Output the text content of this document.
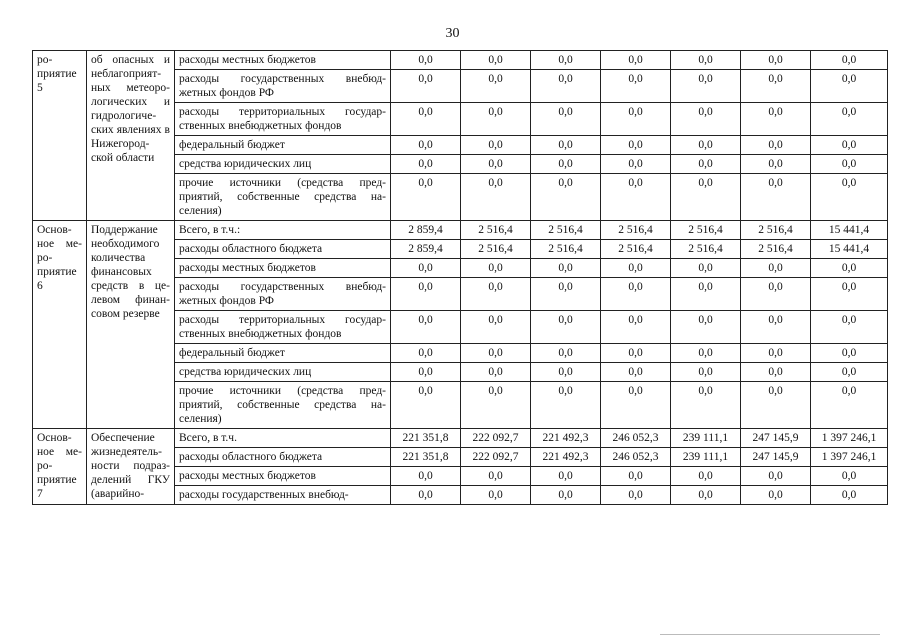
30
ро-приятие 5	об опасных и неблагоприят-ных метеоро-логических и гидрологиче-ских явлениях в Нижегород-ской области	расходы местных бюджетов	0,0	0,0	0,0	0,0	0,0	0,0	0,0
		расходы государственных внебюд-жетных фондов РФ	0,0	0,0	0,0	0,0	0,0	0,0	0,0
		расходы территориальных государ-ственных внебюджетных фондов	0,0	0,0	0,0	0,0	0,0	0,0	0,0
		федеральный бюджет	0,0	0,0	0,0	0,0	0,0	0,0	0,0
		средства юридических лиц	0,0	0,0	0,0	0,0	0,0	0,0	0,0
		прочие источники (средства пред-приятий, собственные средства на-селения)	0,0	0,0	0,0	0,0	0,0	0,0	0,0
Основ-ное ме-ро-приятие 6	Поддержание необходимого количества финансовых средств в це-левом финан-совом резерве	Всего, в т.ч.:	2 859,4	2 516,4	2 516,4	2 516,4	2 516,4	2 516,4	15 441,4
		расходы областного бюджета	2 859,4	2 516,4	2 516,4	2 516,4	2 516,4	2 516,4	15 441,4
		расходы местных бюджетов	0,0	0,0	0,0	0,0	0,0	0,0	0,0
		расходы государственных внебюд-жетных фондов РФ	0,0	0,0	0,0	0,0	0,0	0,0	0,0
		расходы территориальных государ-ственных внебюджетных фондов	0,0	0,0	0,0	0,0	0,0	0,0	0,0
		федеральный бюджет	0,0	0,0	0,0	0,0	0,0	0,0	0,0
		средства юридических лиц	0,0	0,0	0,0	0,0	0,0	0,0	0,0
		прочие источники (средства пред-приятий, собственные средства на-селения)	0,0	0,0	0,0	0,0	0,0	0,0	0,0
Основ-ное ме-ро-приятие 7	Обеспечение жизнедеятель-ности подраз-делений ГКУ (аварийно-	Всего, в т.ч.	221 351,8	222 092,7	221 492,3	246 052,3	239 111,1	247 145,9	1 397 246,1
		расходы областного бюджета	221 351,8	222 092,7	221 492,3	246 052,3	239 111,1	247 145,9	1 397 246,1
		расходы местных бюджетов	0,0	0,0	0,0	0,0	0,0	0,0	0,0
		расходы государственных внебюд-	0,0	0,0	0,0	0,0	0,0	0,0	0,0
